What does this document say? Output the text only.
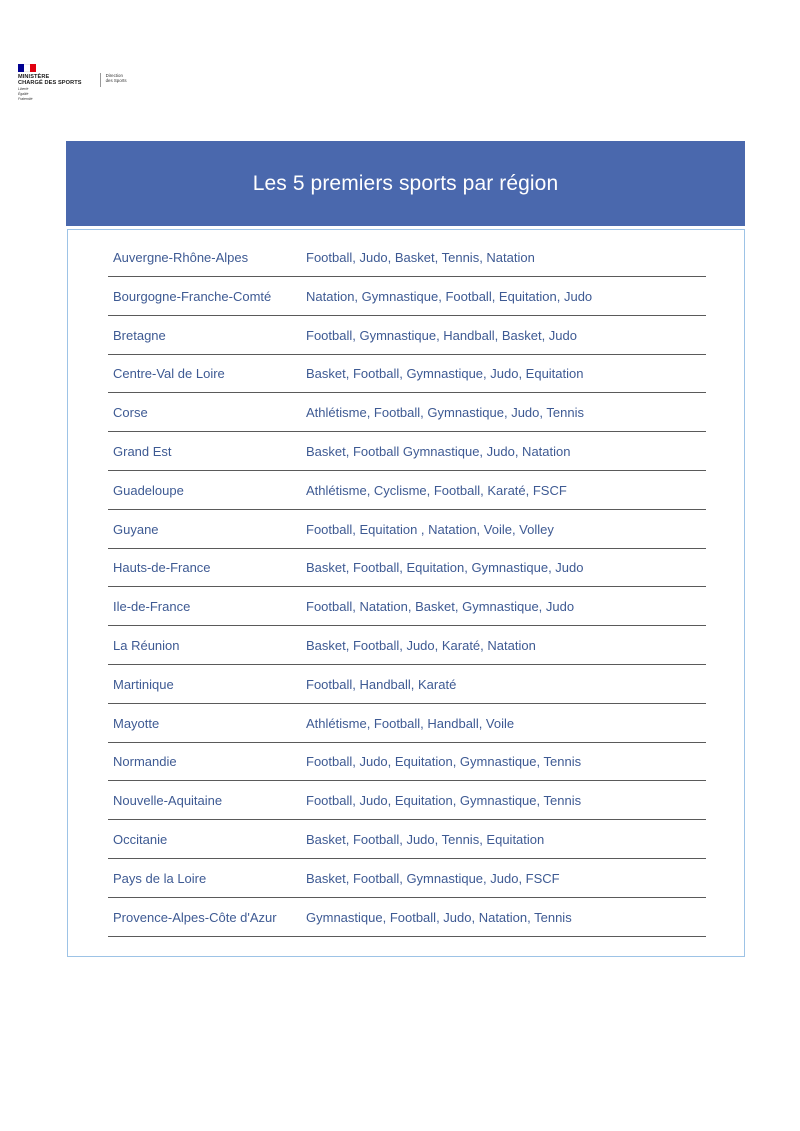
MINISTÈRE
CHARGÉ DES SPORTS
Liberté
Égalité
Fraternité
Direction
des Sports
Les 5 premiers sports par région
Auvergne-Rhône-Alpes	Football, Judo, Basket, Tennis, Natation
Bourgogne-Franche-Comté	Natation, Gymnastique, Football, Equitation, Judo
Bretagne	Football, Gymnastique, Handball, Basket, Judo
Centre-Val de Loire	Basket, Football, Gymnastique, Judo, Equitation
Corse	Athlétisme, Football, Gymnastique, Judo, Tennis
Grand Est	Basket, Football Gymnastique, Judo, Natation
Guadeloupe	Athlétisme, Cyclisme, Football, Karaté, FSCF
Guyane	Football, Equitation , Natation, Voile, Volley
Hauts-de-France	Basket, Football, Equitation, Gymnastique, Judo
Ile-de-France	Football, Natation, Basket, Gymnastique, Judo
La Réunion	Basket, Football, Judo, Karaté, Natation
Martinique	Football, Handball, Karaté
Mayotte	Athlétisme, Football, Handball, Voile
Normandie	Football, Judo, Equitation, Gymnastique, Tennis
Nouvelle-Aquitaine	Football, Judo, Equitation, Gymnastique, Tennis
Occitanie	Basket, Football, Judo, Tennis, Equitation
Pays de la Loire	Basket, Football, Gymnastique, Judo, FSCF
Provence-Alpes-Côte d'Azur	Gymnastique, Football, Judo, Natation, Tennis
